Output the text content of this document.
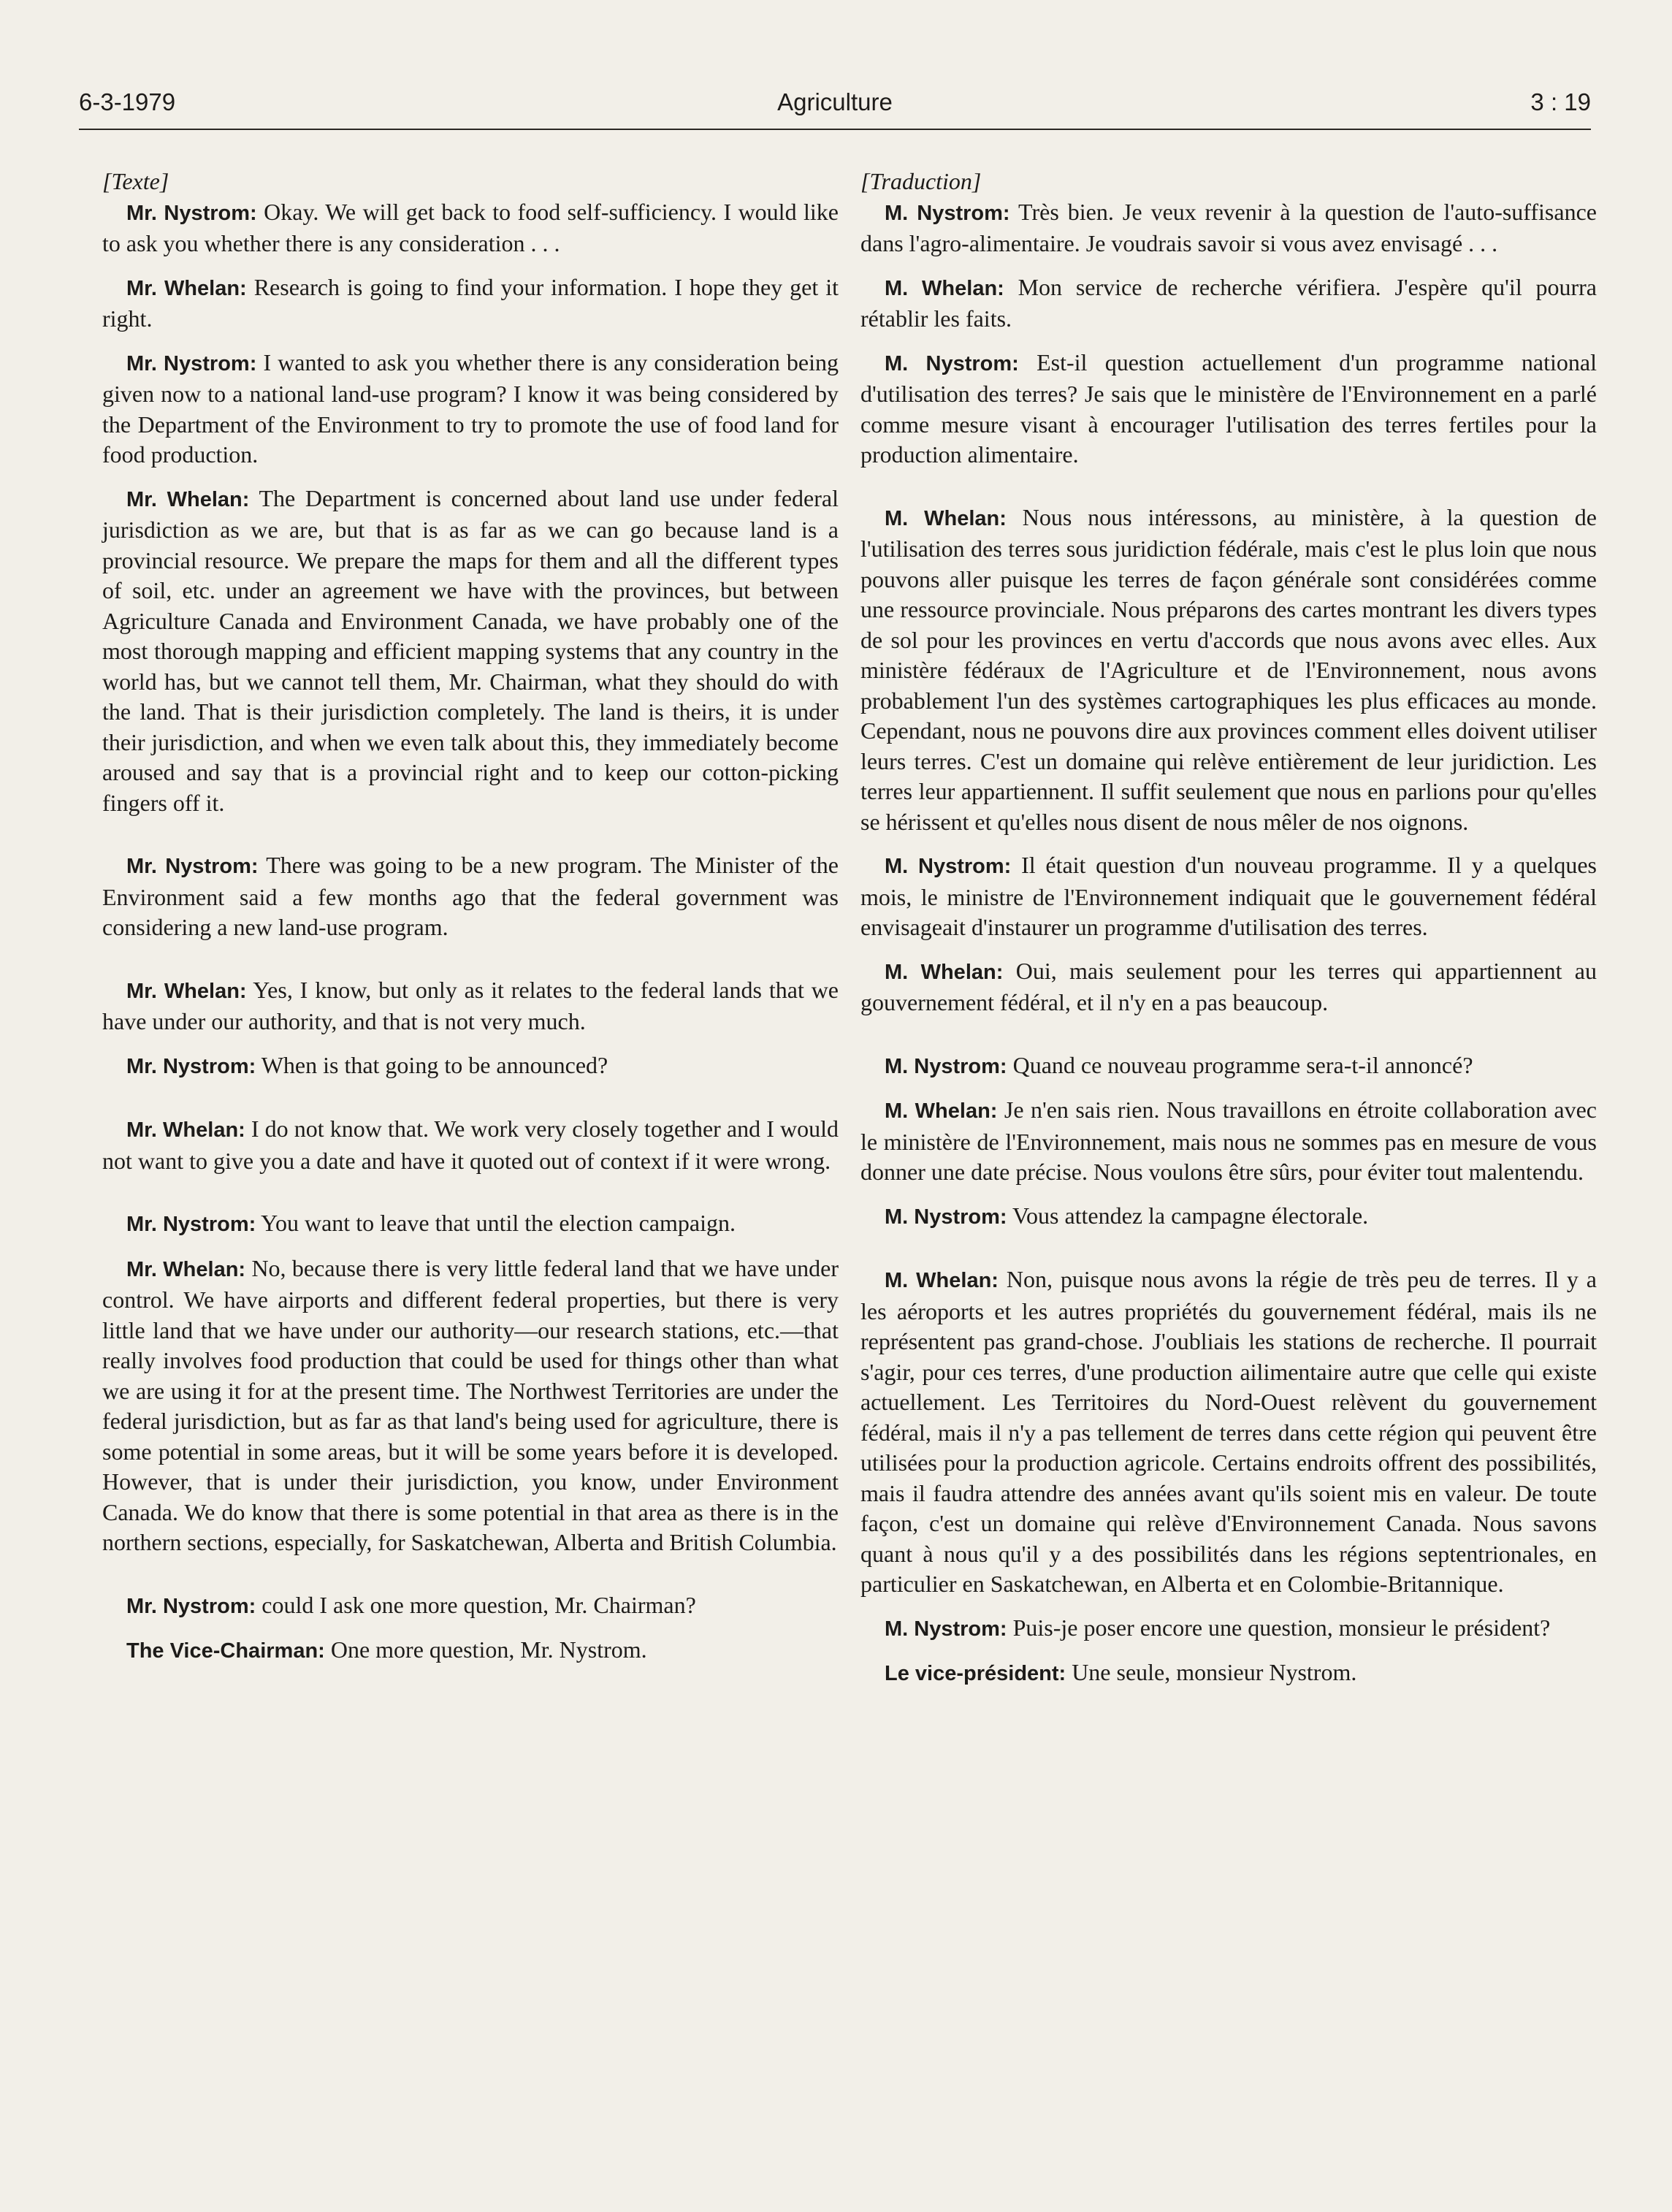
6-3-1979	Agriculture	3 : 19

[Texte]

Mr. Nystrom: Okay. We will get back to food self-sufficiency. I would like to ask you whether there is any consideration . . .

Mr. Whelan: Research is going to find your information. I hope they get it right.

Mr. Nystrom: I wanted to ask you whether there is any consideration being given now to a national land-use program? I know it was being considered by the Department of the Environment to try to promote the use of food land for food production.

Mr. Whelan: The Department is concerned about land use under federal jurisdiction as we are, but that is as far as we can go because land is a provincial resource. We prepare the maps for them and all the different types of soil, etc. under an agreement we have with the provinces, but between Agriculture Canada and Environment Canada, we have probably one of the most thorough mapping and efficient mapping systems that any country in the world has, but we cannot tell them, Mr. Chairman, what they should do with the land. That is their jurisdiction completely. The land is theirs, it is under their jurisdiction, and when we even talk about this, they immediately become aroused and say that is a provincial right and to keep our cotton-picking fingers off it.

Mr. Nystrom: There was going to be a new program. The Minister of the Environment said a few months ago that the federal government was considering a new land-use program.

Mr. Whelan: Yes, I know, but only as it relates to the federal lands that we have under our authority, and that is not very much.

Mr. Nystrom: When is that going to be announced?

Mr. Whelan: I do not know that. We work very closely together and I would not want to give you a date and have it quoted out of context if it were wrong.

Mr. Nystrom: You want to leave that until the election campaign.

Mr. Whelan: No, because there is very little federal land that we have under control. We have airports and different federal properties, but there is very little land that we have under our authority—our research stations, etc.—that really involves food production that could be used for things other than what we are using it for at the present time. The Northwest Territories are under the federal jurisdiction, but as far as that land's being used for agriculture, there is some potential in some areas, but it will be some years before it is developed. However, that is under their jurisdiction, you know, under Environment Canada. We do know that there is some potential in that area as there is in the northern sections, especially, for Saskatchewan, Alberta and British Columbia.

Mr. Nystrom: could I ask one more question, Mr. Chairman?

The Vice-Chairman: One more question, Mr. Nystrom.

[Traduction]

M. Nystrom: Très bien. Je veux revenir à la question de l'auto-suffisance dans l'agro-alimentaire. Je voudrais savoir si vous avez envisagé . . .

M. Whelan: Mon service de recherche vérifiera. J'espère qu'il pourra rétablir les faits.

M. Nystrom: Est-il question actuellement d'un programme national d'utilisation des terres? Je sais que le ministère de l'Environnement en a parlé comme mesure visant à encourager l'utilisation des terres fertiles pour la production alimentaire.

M. Whelan: Nous nous intéressons, au ministère, à la question de l'utilisation des terres sous juridiction fédérale, mais c'est le plus loin que nous pouvons aller puisque les terres de façon générale sont considérées comme une ressource provinciale. Nous préparons des cartes montrant les divers types de sol pour les provinces en vertu d'accords que nous avons avec elles. Aux ministère fédéraux de l'Agriculture et de l'Environnement, nous avons probablement l'un des systèmes cartographiques les plus efficaces au monde. Cependant, nous ne pouvons dire aux provinces comment elles doivent utiliser leurs terres. C'est un domaine qui relève entièrement de leur juridiction. Les terres leur appartiennent. Il suffit seulement que nous en parlions pour qu'elles se hérissent et qu'elles nous disent de nous mêler de nos oignons.

M. Nystrom: Il était question d'un nouveau programme. Il y a quelques mois, le ministre de l'Environnement indiquait que le gouvernement fédéral envisageait d'instaurer un programme d'utilisation des terres.

M. Whelan: Oui, mais seulement pour les terres qui appartiennent au gouvernement fédéral, et il n'y en a pas beaucoup.

M. Nystrom: Quand ce nouveau programme sera-t-il annoncé?

M. Whelan: Je n'en sais rien. Nous travaillons en étroite collaboration avec le ministère de l'Environnement, mais nous ne sommes pas en mesure de vous donner une date précise. Nous voulons être sûrs, pour éviter tout malentendu.

M. Nystrom: Vous attendez la campagne électorale.

M. Whelan: Non, puisque nous avons la régie de très peu de terres. Il y a les aéroports et les autres propriétés du gouvernement fédéral, mais ils ne représentent pas grand-chose. J'oubliais les stations de recherche. Il pourrait s'agir, pour ces terres, d'une production ailimentaire autre que celle qui existe actuellement. Les Territoires du Nord-Ouest relèvent du gouvernement fédéral, mais il n'y a pas tellement de terres dans cette région qui peuvent être utilisées pour la production agricole. Certains endroits offrent des possibilités, mais il faudra attendre des années avant qu'ils soient mis en valeur. De toute façon, c'est un domaine qui relève d'Environnement Canada. Nous savons quant à nous qu'il y a des possibilités dans les régions septentrionales, en particulier en Saskatchewan, en Alberta et en Colombie-Britannique.

M. Nystrom: Puis-je poser encore une question, monsieur le président?

Le vice-président: Une seule, monsieur Nystrom.
